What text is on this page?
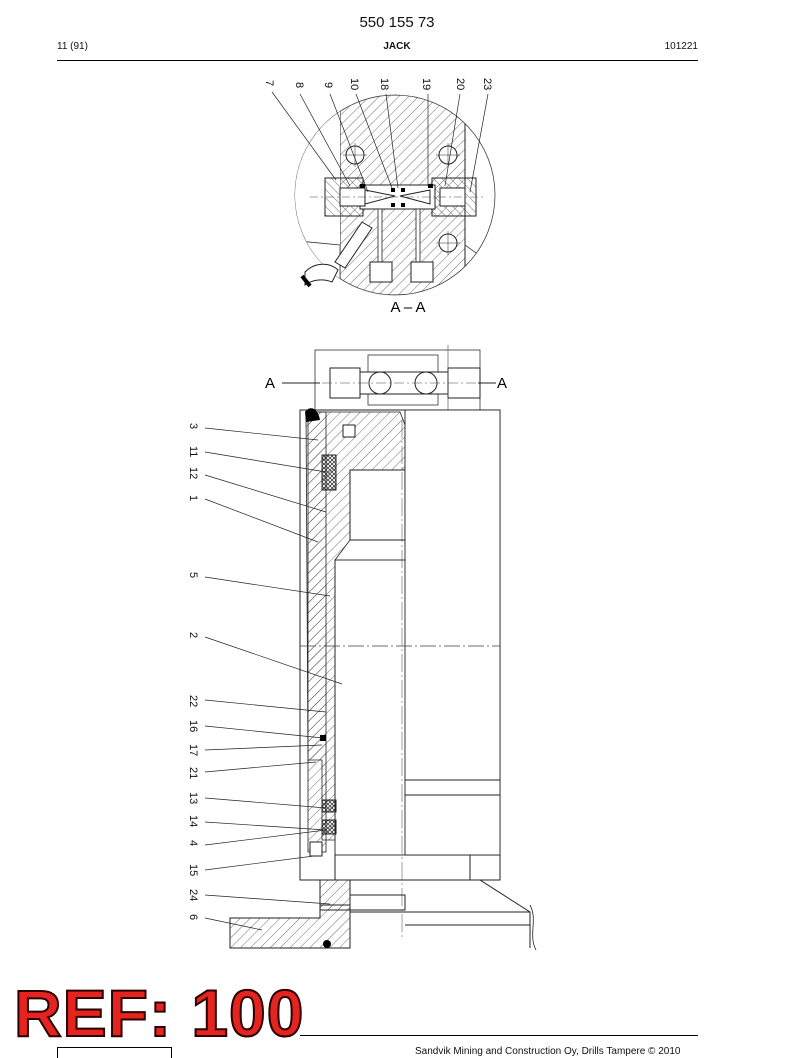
550 155 73
11 (91)	JACK	101221
7 8 9 10 18	19 20 23
A – A
A	A
3
11
12
1
5
2
22
16
17
21
13
14
4
15
24
6
Sandvik Mining and Construction Oy, Drills Tampere © 2010
REF: 100
